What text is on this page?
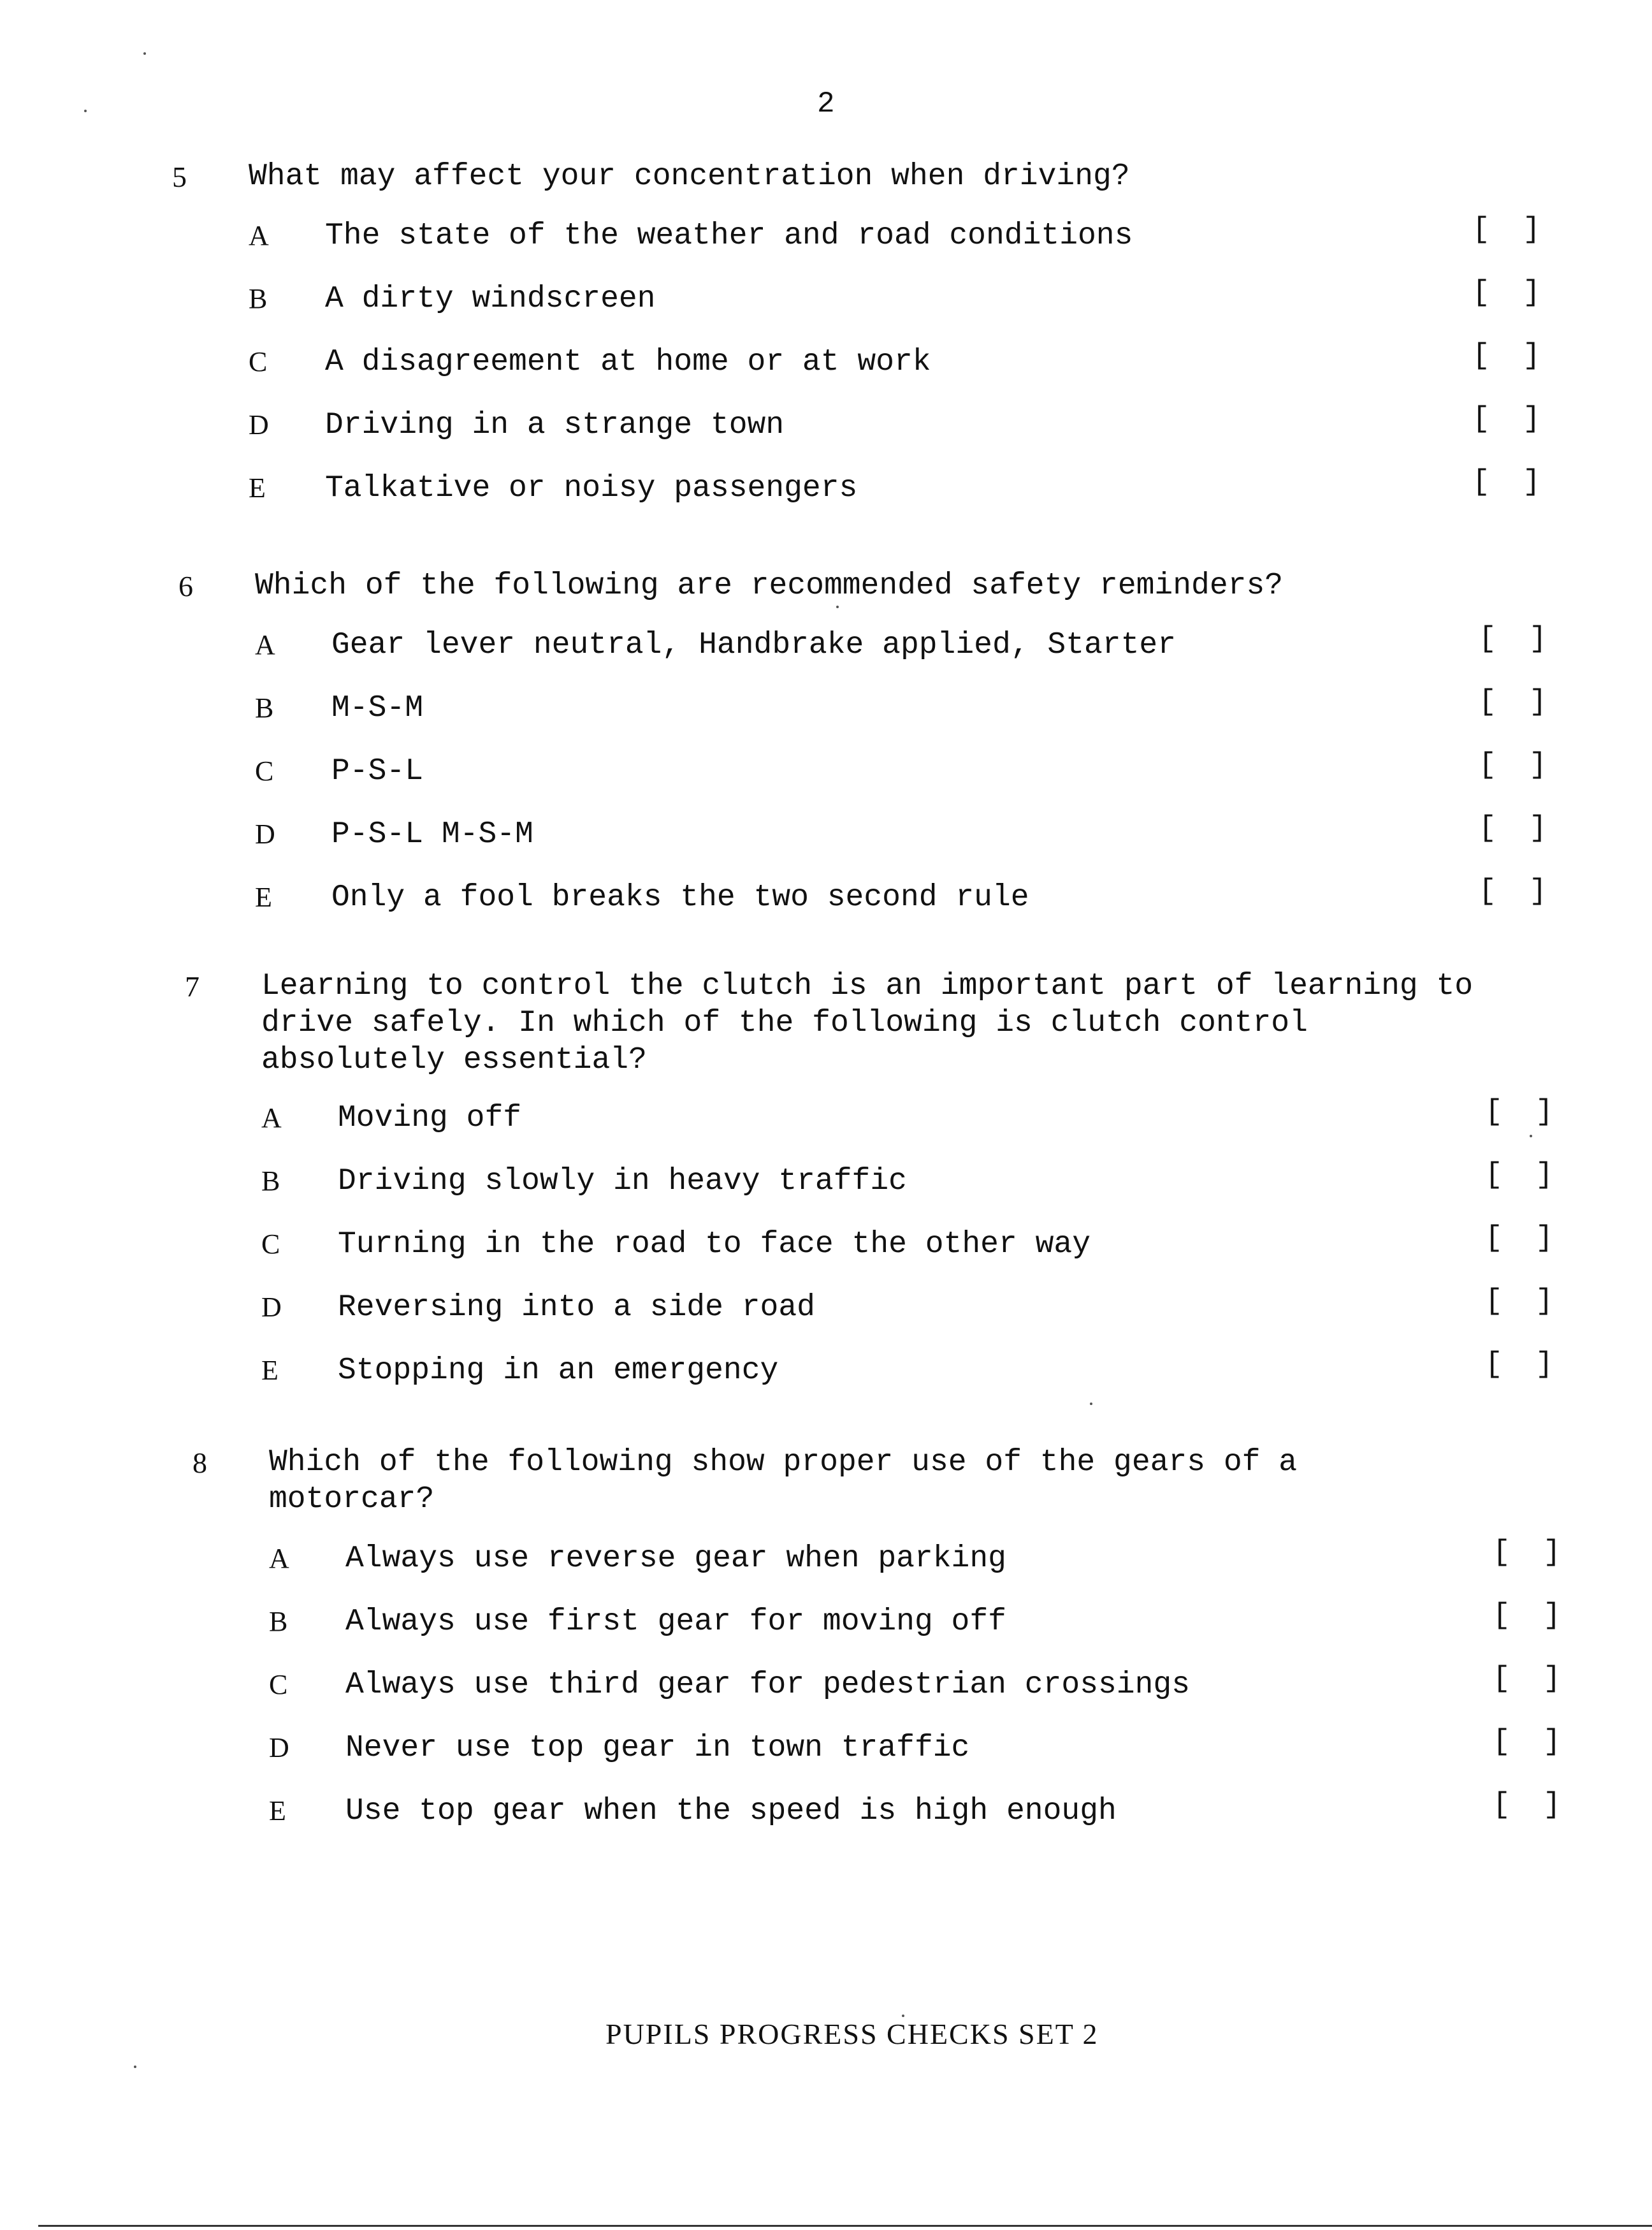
2
5 What may affect your concentration when driving?
A The state of the weather and road conditions	[ ]
B A dirty windscreen	[ ]
C A disagreement at home or at work	[ ]
D Driving in a strange town	[ ]
E Talkative or noisy passengers	[ ]
6 Which of the following are recommended safety reminders?
A Gear lever neutral, Handbrake applied, Starter	[ ]
B M-S-M	[ ]
C P-S-L	[ ]
D P-S-L M-S-M	[ ]
E Only a fool breaks the two second rule	[ ]
7 Learning to control the clutch is an important part of learning to
drive safely. In which of the following is clutch control
absolutely essential?
A Moving off	[ ]
B Driving slowly in heavy traffic	[ ]
C Turning in the road to face the other way	[ ]
D Reversing into a side road	[ ]
E Stopping in an emergency	[ ]
8 Which of the following show proper use of the gears of a
motorcar?
A Always use reverse gear when parking	[ ]
B Always use first gear for moving off	[ ]
C Always use third gear for pedestrian crossings	[ ]
D Never use top gear in town traffic	[ ]
E Use top gear when the speed is high enough	[ ]
PUPILS PROGRESS CHECKS SET 2
